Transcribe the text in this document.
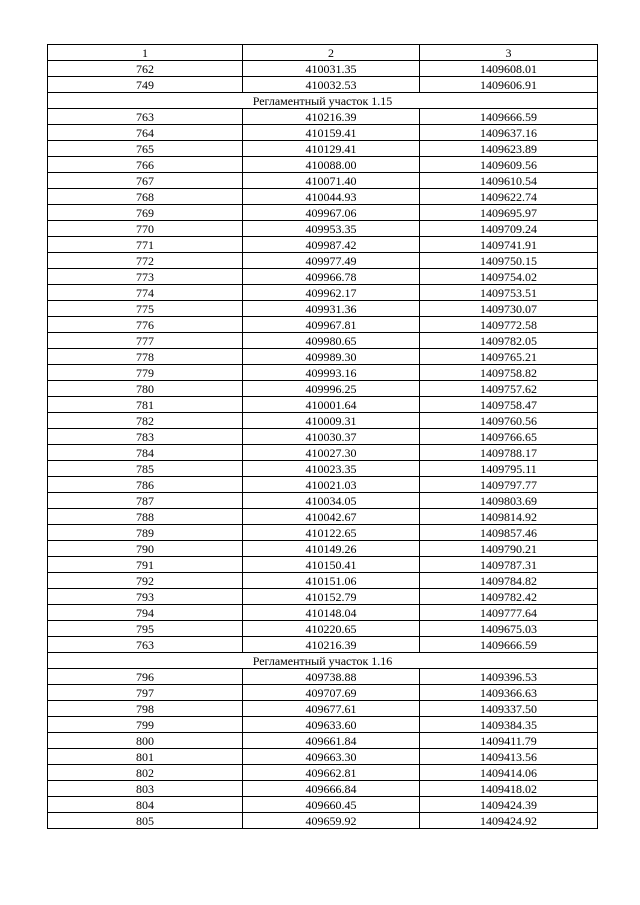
1	2	3
762	410031.35	1409608.01
749	410032.53	1409606.91
Регламентный участок 1.15		
763	410216.39	1409666.59
764	410159.41	1409637.16
765	410129.41	1409623.89
766	410088.00	1409609.56
767	410071.40	1409610.54
768	410044.93	1409622.74
769	409967.06	1409695.97
770	409953.35	1409709.24
771	409987.42	1409741.91
772	409977.49	1409750.15
773	409966.78	1409754.02
774	409962.17	1409753.51
775	409931.36	1409730.07
776	409967.81	1409772.58
777	409980.65	1409782.05
778	409989.30	1409765.21
779	409993.16	1409758.82
780	409996.25	1409757.62
781	410001.64	1409758.47
782	410009.31	1409760.56
783	410030.37	1409766.65
784	410027.30	1409788.17
785	410023.35	1409795.11
786	410021.03	1409797.77
787	410034.05	1409803.69
788	410042.67	1409814.92
789	410122.65	1409857.46
790	410149.26	1409790.21
791	410150.41	1409787.31
792	410151.06	1409784.82
793	410152.79	1409782.42
794	410148.04	1409777.64
795	410220.65	1409675.03
763	410216.39	1409666.59
Регламентный участок 1.16		
796	409738.88	1409396.53
797	409707.69	1409366.63
798	409677.61	1409337.50
799	409633.60	1409384.35
800	409661.84	1409411.79
801	409663.30	1409413.56
802	409662.81	1409414.06
803	409666.84	1409418.02
804	409660.45	1409424.39
805	409659.92	1409424.92
